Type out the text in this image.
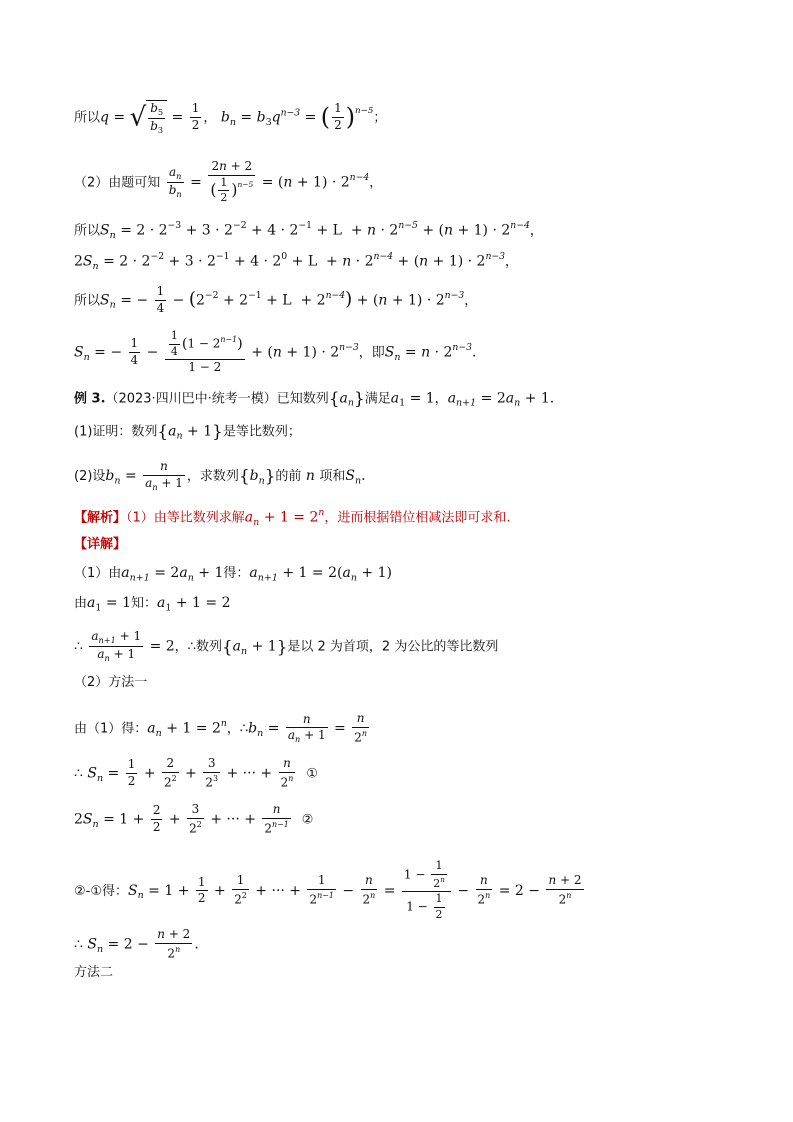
所以q = √ $\frac{b_5}{b_3} = \frac{1}{2}$ ， $b_n = b_3q^{n-3}$ = ( $\frac{1}{2} )^{n-5}$；
（2）由题可知 $\frac{a_n}{b_n} = \frac{2n + 2}{( \frac{1}{2} )^{n-5}} = (n + 1) \cdot 2^{n-4}$，
所以$S_n = 2 \cdot 2^{-3} + 3 \cdot 2^{-2} + 4 \cdot 2^{-1} + L + n \cdot 2^{n-5} + (n + 1) \cdot 2^{n-4}$，
$2S_n = 2 \cdot 2^{-2} + 3 \cdot 2^{-1} + 4 \cdot 2^0 + L + n \cdot 2^{n-4} + (n + 1) \cdot 2^{n-3}$，
所以$S_n$ = − $\frac{1}{4} - (2^{-2} + 2^{-1} + L + 2^{n-4}) + (n + 1) \cdot 2^{n-3}$，
$S_n$ = − $\frac{1}{4} - \frac{\frac{1}{4} (1 - 2^{n-1})}{1 - 2} + (n + 1) \cdot 2^{n-3}$，即$S_n = n \cdot 2^{n-3}$.
例 3.（2023·四川巴中·统考一模）已知数列$\{a_n\}$满足$a_1 = 1$，$a_{n+1} = 2a_n + 1$.
(1)证明：数列$\{a_n + 1\}$是等比数列；
(2)设$b_n = \frac{n}{a_n + 1}$ ，求数列$\{b_n\}$的前 n 项和$S_n$.
【解析】（1）由等比数列求解$a_n + 1 = 2^n$，进而根据错位相减法即可求和.
【详解】
（1）由$a_{n+1} = 2a_n + 1$得：$a_{n+1} + 1 = 2(a_n + 1)$
由$a_1 = 1$知：$a_1 + 1 = 2$
∴ $\frac{a_{n+1} + 1}{a_n + 1} = 2$，∴数列$\{a_n + 1\}$是以 2 为首项，2 为公比的等比数列
（2）方法一
由（1）得：$a_n + 1 = 2^n$，$\therefore b_n = \frac{n}{a_n + 1} = \frac{n}{2^n}$
∴ $S_n = \frac{1}{2} + \frac{2}{2^2} + \frac{3}{2^3}$ + ··· + $\frac{n}{2^n}$ ①
$2S_n = 1 + \frac{2}{2} + \frac{3}{2^2}$ + ··· + $\frac{n}{2^{n-1}}$ ②
②-①得：$S_n = 1 + \frac{1}{2} + \frac{1}{2^2}$ + ··· + $\frac{1}{2^{n-1}} - \frac{n}{2^n} = \frac{1 - \frac{1}{2^n}}{1 - \frac{1}{2}} - \frac{n}{2^n} = 2 - \frac{n + 2}{2^n}$
∴ $S_n = 2 - \frac{n + 2}{2^n}$ .
方法二
